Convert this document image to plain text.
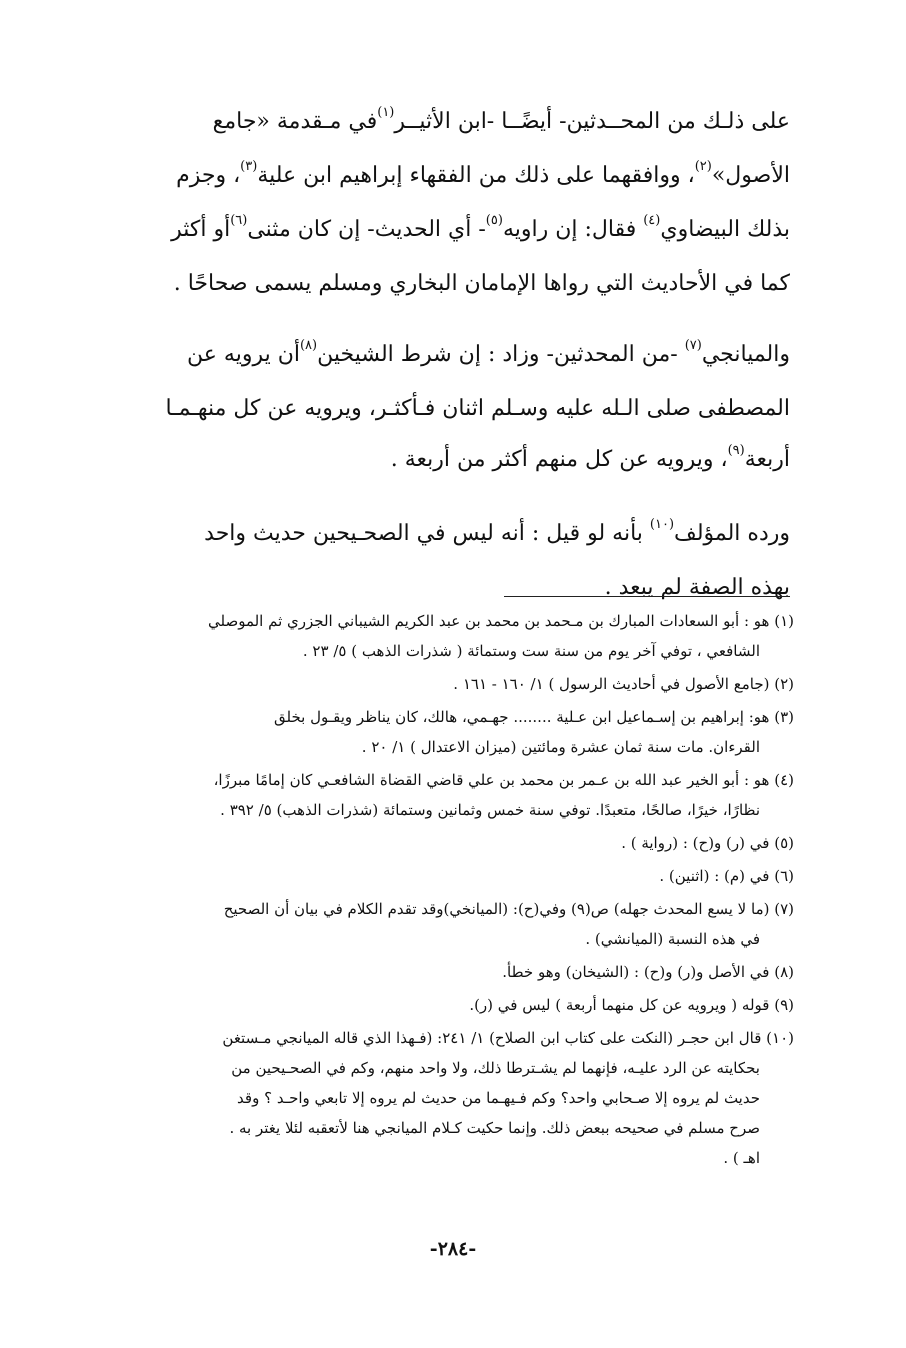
على ذلـك من المحــدثين- أيضًــا -ابن الأثيــر$^{(١)}$في مـقدمة «جامع
الأصول»$^{(٢)}$، ووافقهما على ذلك من الفقهاء إبراهيم ابن علية$^{(٣)}$، وجزم
بذلك البيضاوي$^{(٤)}$ فقال: إن راويه$^{(٥)}$- أي الحديث- إن كان مثنى$^{(٦)}$أو أكثر
كما في الأحاديث التي رواها الإمامان البخاري ومسلم يسمى صحاحًا .

والميانجي$^{(٧)}$ -من المحدثين- وزاد : إن شرط الشيخين$^{(٨)}$أن يرويه عن
المصطفى صلى الـله عليه وسـلم اثنان فـأكثـر، ويرويه عن كل منهـمـا
أربعة$^{(٩)}$، ويرويه عن كل منهم أكثر من أربعة .

ورده المؤلف$^{(١٠)}$ بأنه لو قيل : أنه ليس في الصحـيحين حديث واحد
بهذه الصفة لم يبعد .

(١) هو : أبو السعادات المبارك بن مـحمد بن محمد بن عبد الكريم الشيباني الجزري ثم الموصلي
الشافعي ، توفي آخر يوم من سنة ست وستمائة ( شذرات الذهب ) ٥/ ٢٣ .
(٢) (جامع الأصول في أحاديث الرسول ) ١/ ١٦٠ - ١٦١ .
(٣) هو: إبراهيم بن إسـماعيل ابن عـلية ........ جهـمي، هالك، كان يناظر ويقـول بخلق
القرءان. مات سنة ثمان عشرة ومائتين (ميزان الاعتدال ) ١/ ٢٠ .
(٤) هو : أبو الخير عبد الله بن عـمر بن محمد بن علي قاضي القضاة الشافعـي كان إمامًا مبرزًا،
نظارًا، خيرًا، صالحًا، متعبدًا. توفي سنة خمس وثمانين وستمائة (شذرات الذهب) ٥/ ٣٩٢ .
(٥) في (ر) و(ح) : (رواية ) .
(٦) في (م) : (اثنين) .
(٧) (ما لا يسع المحدث جهله) ص(٩) وفي(ح): (الميانخي)وقد تقدم الكلام في بيان أن الصحيح
في هذه النسبة (الميانشي) .
(٨) في الأصل و(ر) و(ح) : (الشيخان) وهو خطأ.
(٩) قوله ( ويرويه عن كل منهما أربعة ) ليس في (ر).
(١٠) قال ابن حجـر (النكت على كتاب ابن الصلاح) ١/ ٢٤١: (فـهذا الذي قاله الميانجي مـستغن
بحكايته عن الرد عليـه، فإنهما لم يشـترطا ذلك، ولا واحد منهم، وكم في الصحـيحين من
حديث لم يروه إلا صـحابي واحد؟ وكم فـيهـما من حديث لم يروه إلا تابعي واحـد ؟ وقد
صرح مسلم في صحيحه ببعض ذلك. وإنما حكيت كـلام الميانجي هنا لأتعقبه لئلا يغتر به .
اهـ ) .
-٢٨٤-
